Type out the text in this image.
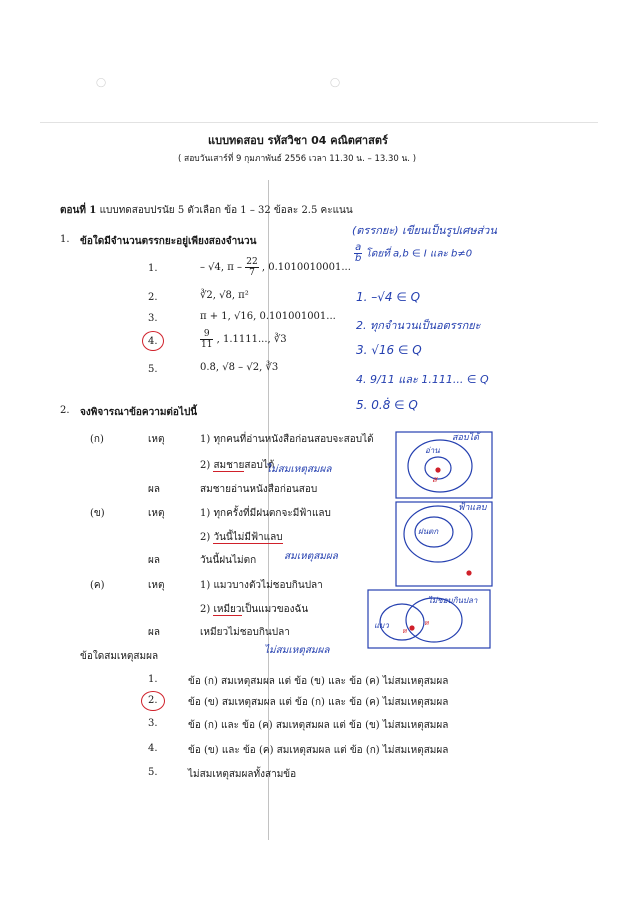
◯	◯
แบบทดสอบ รหัสวิชา 04 คณิตศาสตร์
( สอบวันเสาร์ที่ 9 กุมภาพันธ์ 2556 เวลา 11.30 น. – 13.30 น. )
ตอนที่ 1 แบบทดสอบปรนัย 5 ตัวเลือก ข้อ 1 – 32 ข้อละ 2.5 คะแนน
1. ข้อใดมีจำนวนตรรกยะอยู่เพียงสองจำนวน
1.	– √4, π – $\frac{22}{7}$ , 0.1010010001...
2.	∛2, √8, π²
3.	π + 1, √16, 0.101001001...
4.	$\frac{9}{11}$ , 1.1111..., ∛3
5.	0.8̇, √8 – √2, ∛3
2. จงพิจารณาข้อความต่อไปนี้
(ก)	เหตุ	1) ทุกคนที่อ่านหนังสือก่อนสอบจะสอบได้
2) สมชายสอบได้
ผล	สมชายอ่านหนังสือก่อนสอบ
(ข)	เหตุ	1) ทุกครั้งที่มีฝนตกจะมีฟ้าแลบ
2) วันนี้ไม่มีฟ้าแลบ
ผล	วันนี้ฝนไม่ตก
(ค)	เหตุ	1) แมวบางตัวไม่ชอบกินปลา
2) เหมียวเป็นแมวของฉัน
ผล	เหมียวไม่ชอบกินปลา
ข้อใดสมเหตุสมผล
1.	ข้อ (ก) สมเหตุสมผล แต่ ข้อ (ข) และ ข้อ (ค) ไม่สมเหตุสมผล
2.	ข้อ (ข) สมเหตุสมผล แต่ ข้อ (ก) และ ข้อ (ค) ไม่สมเหตุสมผล
3.	ข้อ (ก) และ ข้อ (ค) สมเหตุสมผล แต่ ข้อ (ข) ไม่สมเหตุสมผล
4.	ข้อ (ข) และ ข้อ (ค) สมเหตุสมผล แต่ ข้อ (ก) ไม่สมเหตุสมผล
5.	ไม่สมเหตุสมผลทั้งสามข้อ
(ตรรกยะ) เขียนเป็นรูปเศษส่วน
$\frac{a}{b}$ โดยที่ a,b ∈ I และ b≠0
1. –√4 ∈ Q
2. ทุกจำนวนเป็นอตรรกยะ
3. √16 ∈ Q
4. 9/11 และ 1.111... ∈ Q
5. 0.8̇ ∈ Q
ไม่สมเหตุสมผล
สมเหตุสมผล
ไม่สมเหตุสมผล
สอบได้
อ่าน
ส
ฟ้าแลบ
ฝนตก
แมว
ไม่ชอบกินปลา
ห
ห
